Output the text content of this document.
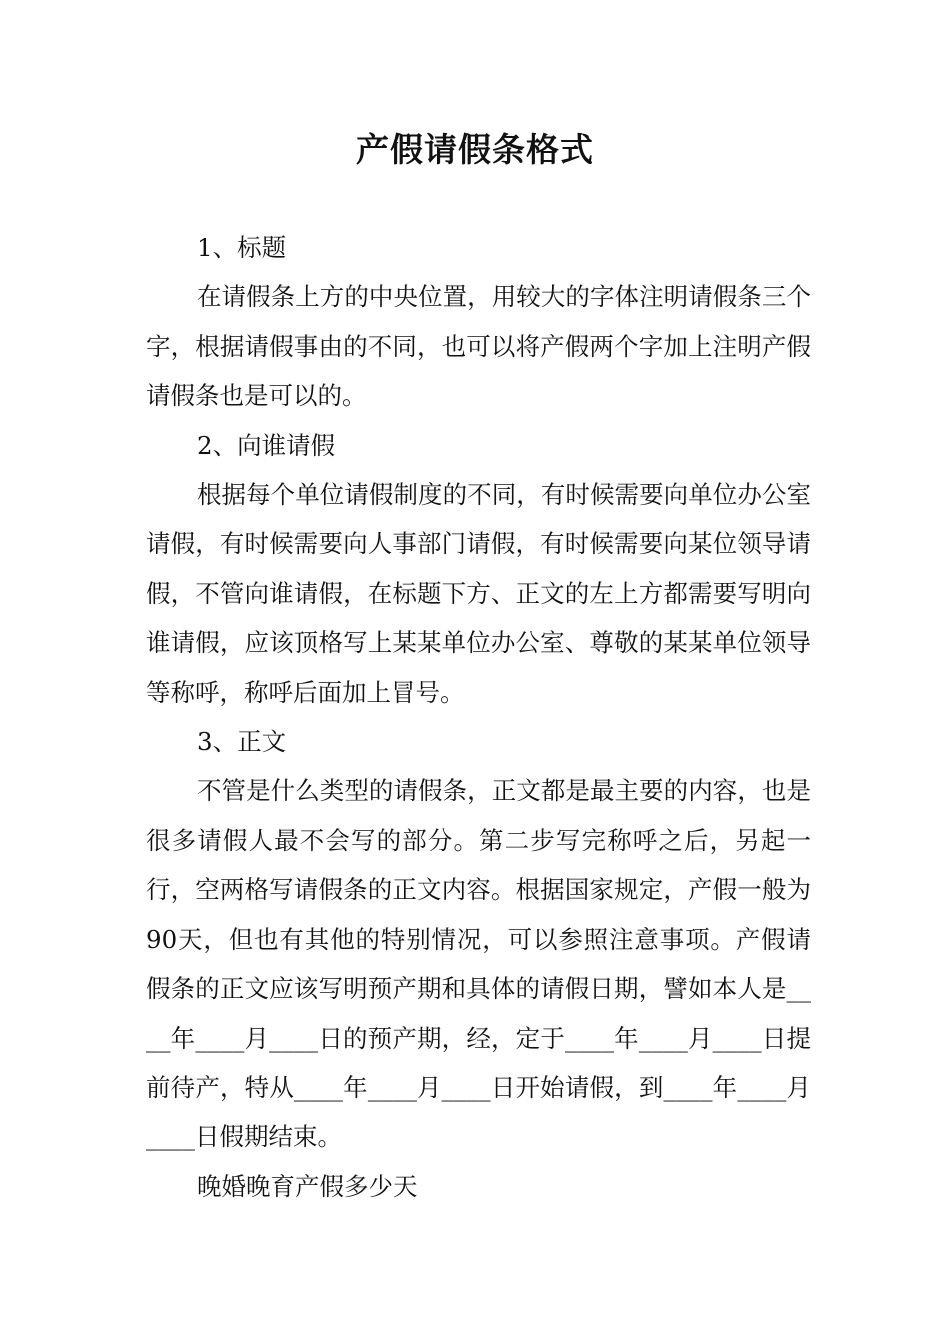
产假请假条格式

1、标题

在请假条上方的中央位置，用较大的字体注明请假条三个字，根据请假事由的不同，也可以将产假两个字加上注明产假请假条也是可以的。

2、向谁请假

根据每个单位请假制度的不同，有时候需要向单位办公室请假，有时候需要向人事部门请假，有时候需要向某位领导请假，不管向谁请假，在标题下方、正文的左上方都需要写明向谁请假，应该顶格写上某某单位办公室、尊敬的某某单位领导等称呼，称呼后面加上冒号。

3、正文

不管是什么类型的请假条，正文都是最主要的内容，也是很多请假人最不会写的部分。第二步写完称呼之后，另起一行，空两格写请假条的正文内容。根据国家规定，产假一般为90天，但也有其他的特别情况，可以参照注意事项。产假请假条的正文应该写明预产期和具体的请假日期，譬如本人是____年____月____日的预产期，经，定于____年____月____日提前待产，特从____年____月____日开始请假，到____年____月____日假期结束。

晚婚晚育产假多少天
